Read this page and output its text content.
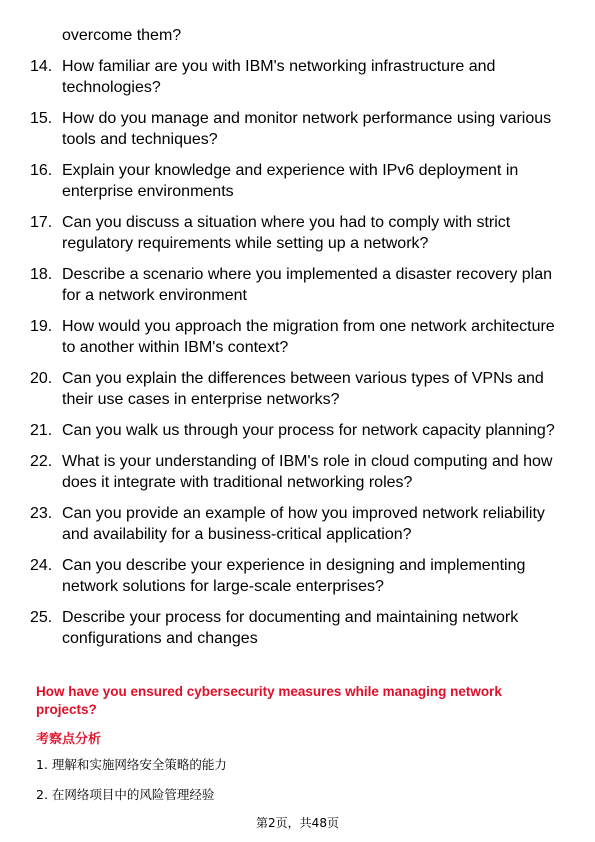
overcome them?
14. How familiar are you with IBM's networking infrastructure and technologies?
15. How do you manage and monitor network performance using various tools and techniques?
16. Explain your knowledge and experience with IPv6 deployment in enterprise environments
17. Can you discuss a situation where you had to comply with strict regulatory requirements while setting up a network?
18. Describe a scenario where you implemented a disaster recovery plan for a network environment
19. How would you approach the migration from one network architecture to another within IBM's context?
20. Can you explain the differences between various types of VPNs and their use cases in enterprise networks?
21. Can you walk us through your process for network capacity planning?
22. What is your understanding of IBM's role in cloud computing and how does it integrate with traditional networking roles?
23. Can you provide an example of how you improved network reliability and availability for a business-critical application?
24. Can you describe your experience in designing and implementing network solutions for large-scale enterprises?
25. Describe your process for documenting and maintaining network configurations and changes
How have you ensured cybersecurity measures while managing network projects?
考察点分析
1. 理解和实施网络安全策略的能力
2. 在网络项目中的风险管理经验
第2页，共48页
